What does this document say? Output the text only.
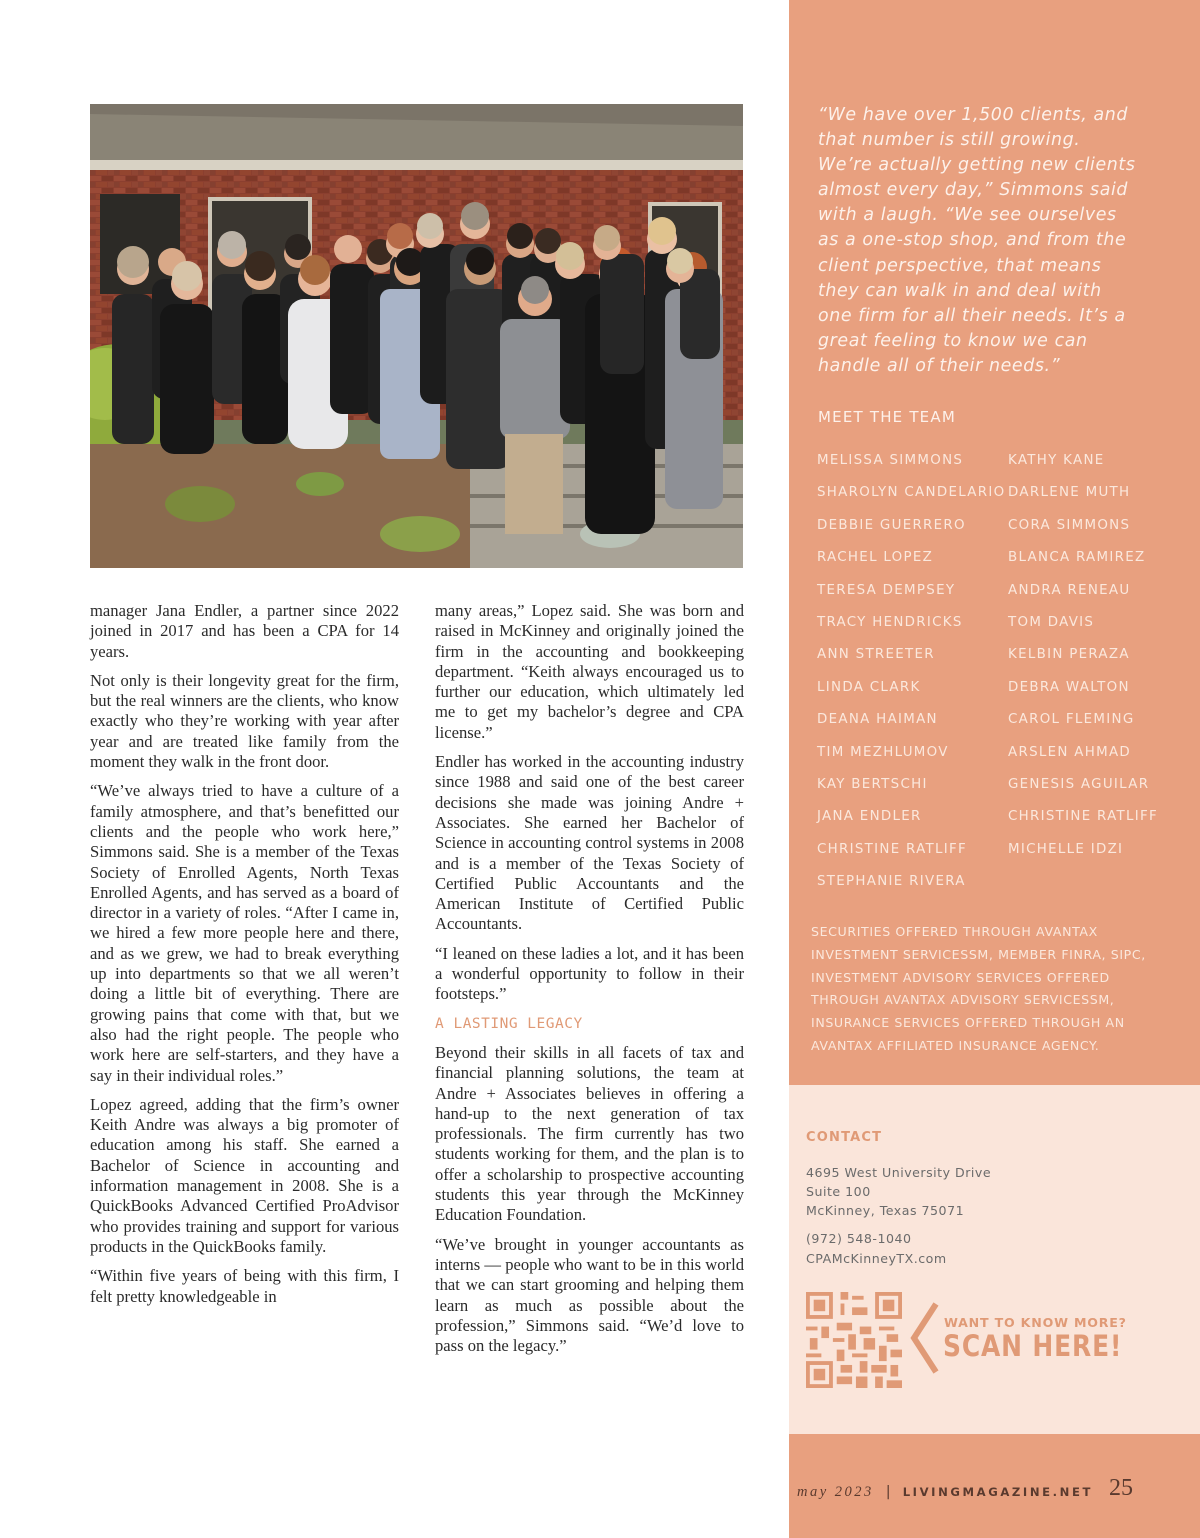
manager Jana Endler, a partner since 2022 joined in 2017 and has been a CPA for 14 years.

Not only is their longevity great for the firm, but the real winners are the clients, who know exactly who they’re working with year after year and are treated like family from the moment they walk in the front door.

“We’ve always tried to have a culture of a family atmosphere, and that’s benefitted our clients and the people who work here,” Simmons said. She is a member of the Texas Society of Enrolled Agents, North Texas Enrolled Agents, and has served as a board of director in a variety of roles. “After I came in, we hired a few more people here and there, and as we grew, we had to break everything up into departments so that we all weren’t doing a little bit of everything. There are growing pains that come with that, but we also had the right people. The people who work here are self-starters, and they have a say in their individual roles.”

Lopez agreed, adding that the firm’s owner Keith Andre was always a big promoter of education among his staff. She earned a Bachelor of Science in accounting and information management in 2008. She is a QuickBooks Advanced Certified ProAdvisor who provides training and support for various products in the QuickBooks family.

“Within five years of being with this firm, I felt pretty knowledgeable in

many areas,” Lopez said. She was born and raised in McKinney and originally joined the firm in the accounting and bookkeeping department. “Keith always encouraged us to further our education, which ultimately led me to get my bachelor’s degree and CPA license.”

Endler has worked in the accounting industry since 1988 and said one of the best career decisions she made was joining Andre + Associates. She earned her Bachelor of Science in accounting control systems in 2008 and is a member of the Texas Society of Certified Public Accountants and the American Institute of Certified Public Accountants.

“I leaned on these ladies a lot, and it has been a wonderful opportunity to follow in their footsteps.”

A LASTING LEGACY

Beyond their skills in all facets of tax and financial planning solutions, the team at Andre + Associates believes in offering a hand-up to the next generation of tax professionals. The firm currently has two students working for them, and the plan is to offer a scholarship to prospective accounting students this year through the McKinney Education Foundation.

“We’ve brought in younger accountants as interns — people who want to be in this world that we can start grooming and helping them learn as much as possible about the profession,” Simmons said. “We’d love to pass on the legacy.”

“We have over 1,500 clients, and that number is still growing. We’re actually getting new clients almost every day,” Simmons said with a laugh. “We see ourselves as a one-stop shop, and from the client perspective, that means they can walk in and deal with one firm for all their needs. It’s a great feeling to know we can handle all of their needs.”
MEET THE TEAM
MELISSA SIMMONS
SHAROLYN CANDELARIO
DEBBIE GUERRERO
RACHEL LOPEZ
TERESA DEMPSEY
TRACY HENDRICKS
ANN STREETER
LINDA CLARK
DEANA HAIMAN
TIM MEZHLUMOV
KAY BERTSCHI
JANA ENDLER
CHRISTINE RATLIFF
STEPHANIE RIVERA
KATHY KANE
DARLENE MUTH
CORA SIMMONS
BLANCA RAMIREZ
ANDRA RENEAU
TOM DAVIS
KELBIN PERAZA
DEBRA WALTON
CAROL FLEMING
ARSLEN AHMAD
GENESIS AGUILAR
CHRISTINE RATLIFF
MICHELLE IDZI
SECURITIES OFFERED THROUGH AVANTAX INVESTMENT SERVICESSM, MEMBER FINRA, SIPC, INVESTMENT ADVISORY SERVICES OFFERED THROUGH AVANTAX ADVISORY SERVICESSM, INSURANCE SERVICES OFFERED THROUGH AN AVANTAX AFFILIATED INSURANCE AGENCY.
CONTACT
4695 West University Drive
Suite 100
McKinney, Texas 75071
(972) 548-1040
CPAMcKinneyTX.com
WANT TO KNOW MORE?
SCAN HERE!
may 2023 | LIVINGMAGAZINE.NET 25
